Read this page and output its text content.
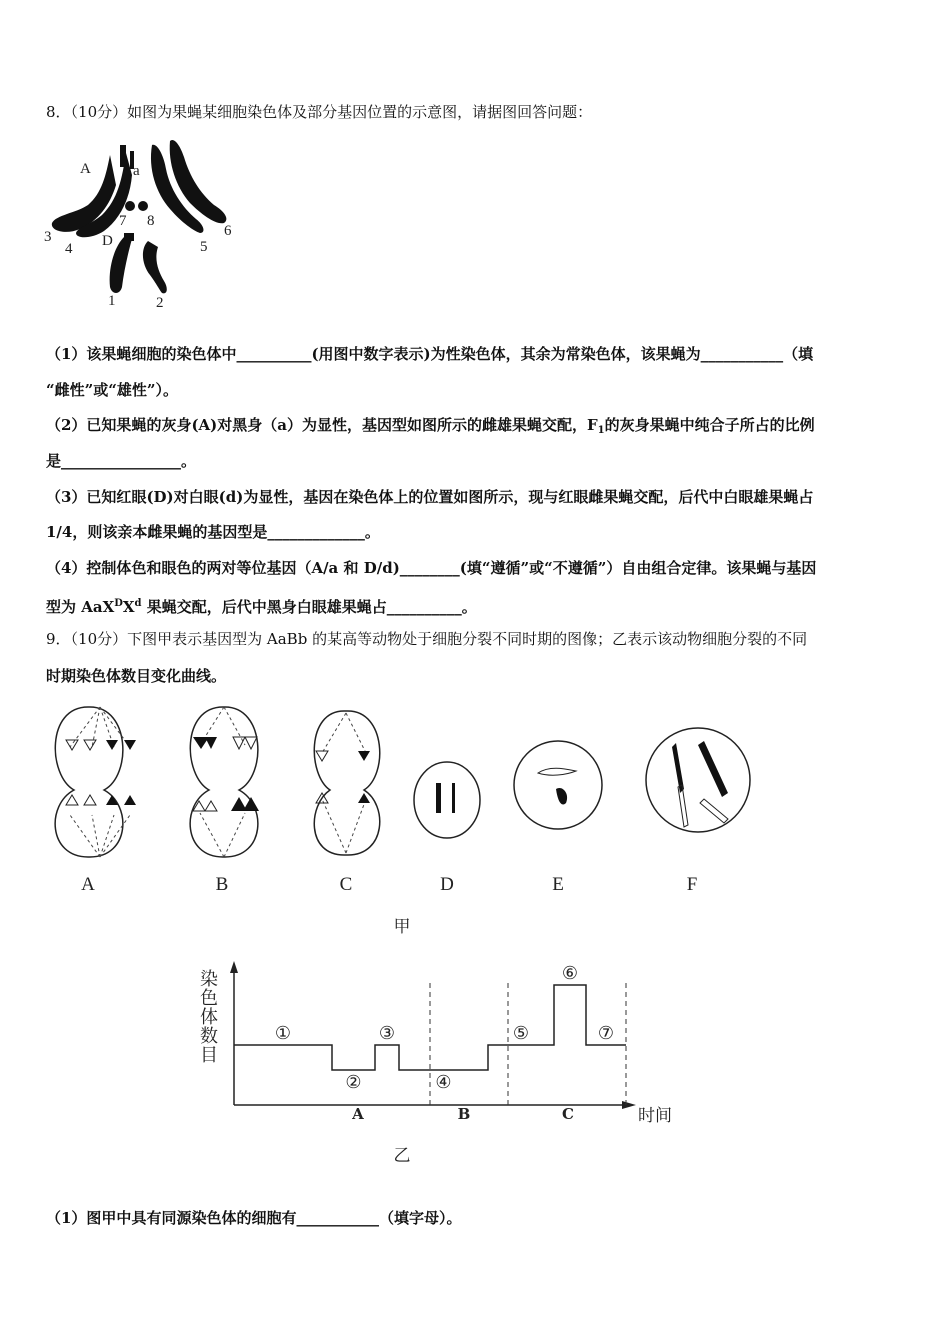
8．（10分）如图为果蝇某细胞染色体及部分基因位置的示意图，请据图回答问题：
A	a
7 8
3
4 D	5
6
1	2
（1）该果蝇细胞的染色体中__________(用图中数字表示)为性染色体，其余为常染色体，该果蝇为___________（填
“雌性”或“雄性”）。
（2）已知果蝇的灰身(A)对黑身（a）为显性，基因型如图所示的雌雄果蝇交配，$F_1$的灰身果蝇中纯合子所占的比例
是________________。
（3）已知红眼(D)对白眼(d)为显性，基因在染色体上的位置如图所示，现与红眼雌果蝇交配，后代中白眼雄果蝇占
1/4，则该亲本雌果蝇的基因型是_____________。
（4）控制体色和眼色的两对等位基因（A/a 和 D/d)________(填“遵循”或“不遵循”）自由组合定律。该果蝇与基因
型为 $AaX^DX^d$ 果蝇交配，后代中黑身白眼雄果蝇占__________。
9．（10分）下图甲表示基因型为 AaBb 的某高等动物处于细胞分裂不同时期的图像；乙表示该动物细胞分裂的不同
时期染色体数目变化曲线。
A	B	C	D	E	F
甲
染
色
体
数
目
时间
①
②
③
④
⑤
⑥
⑦
A	B	C
乙
（1）图甲中具有同源染色体的细胞有___________（填字母）。
